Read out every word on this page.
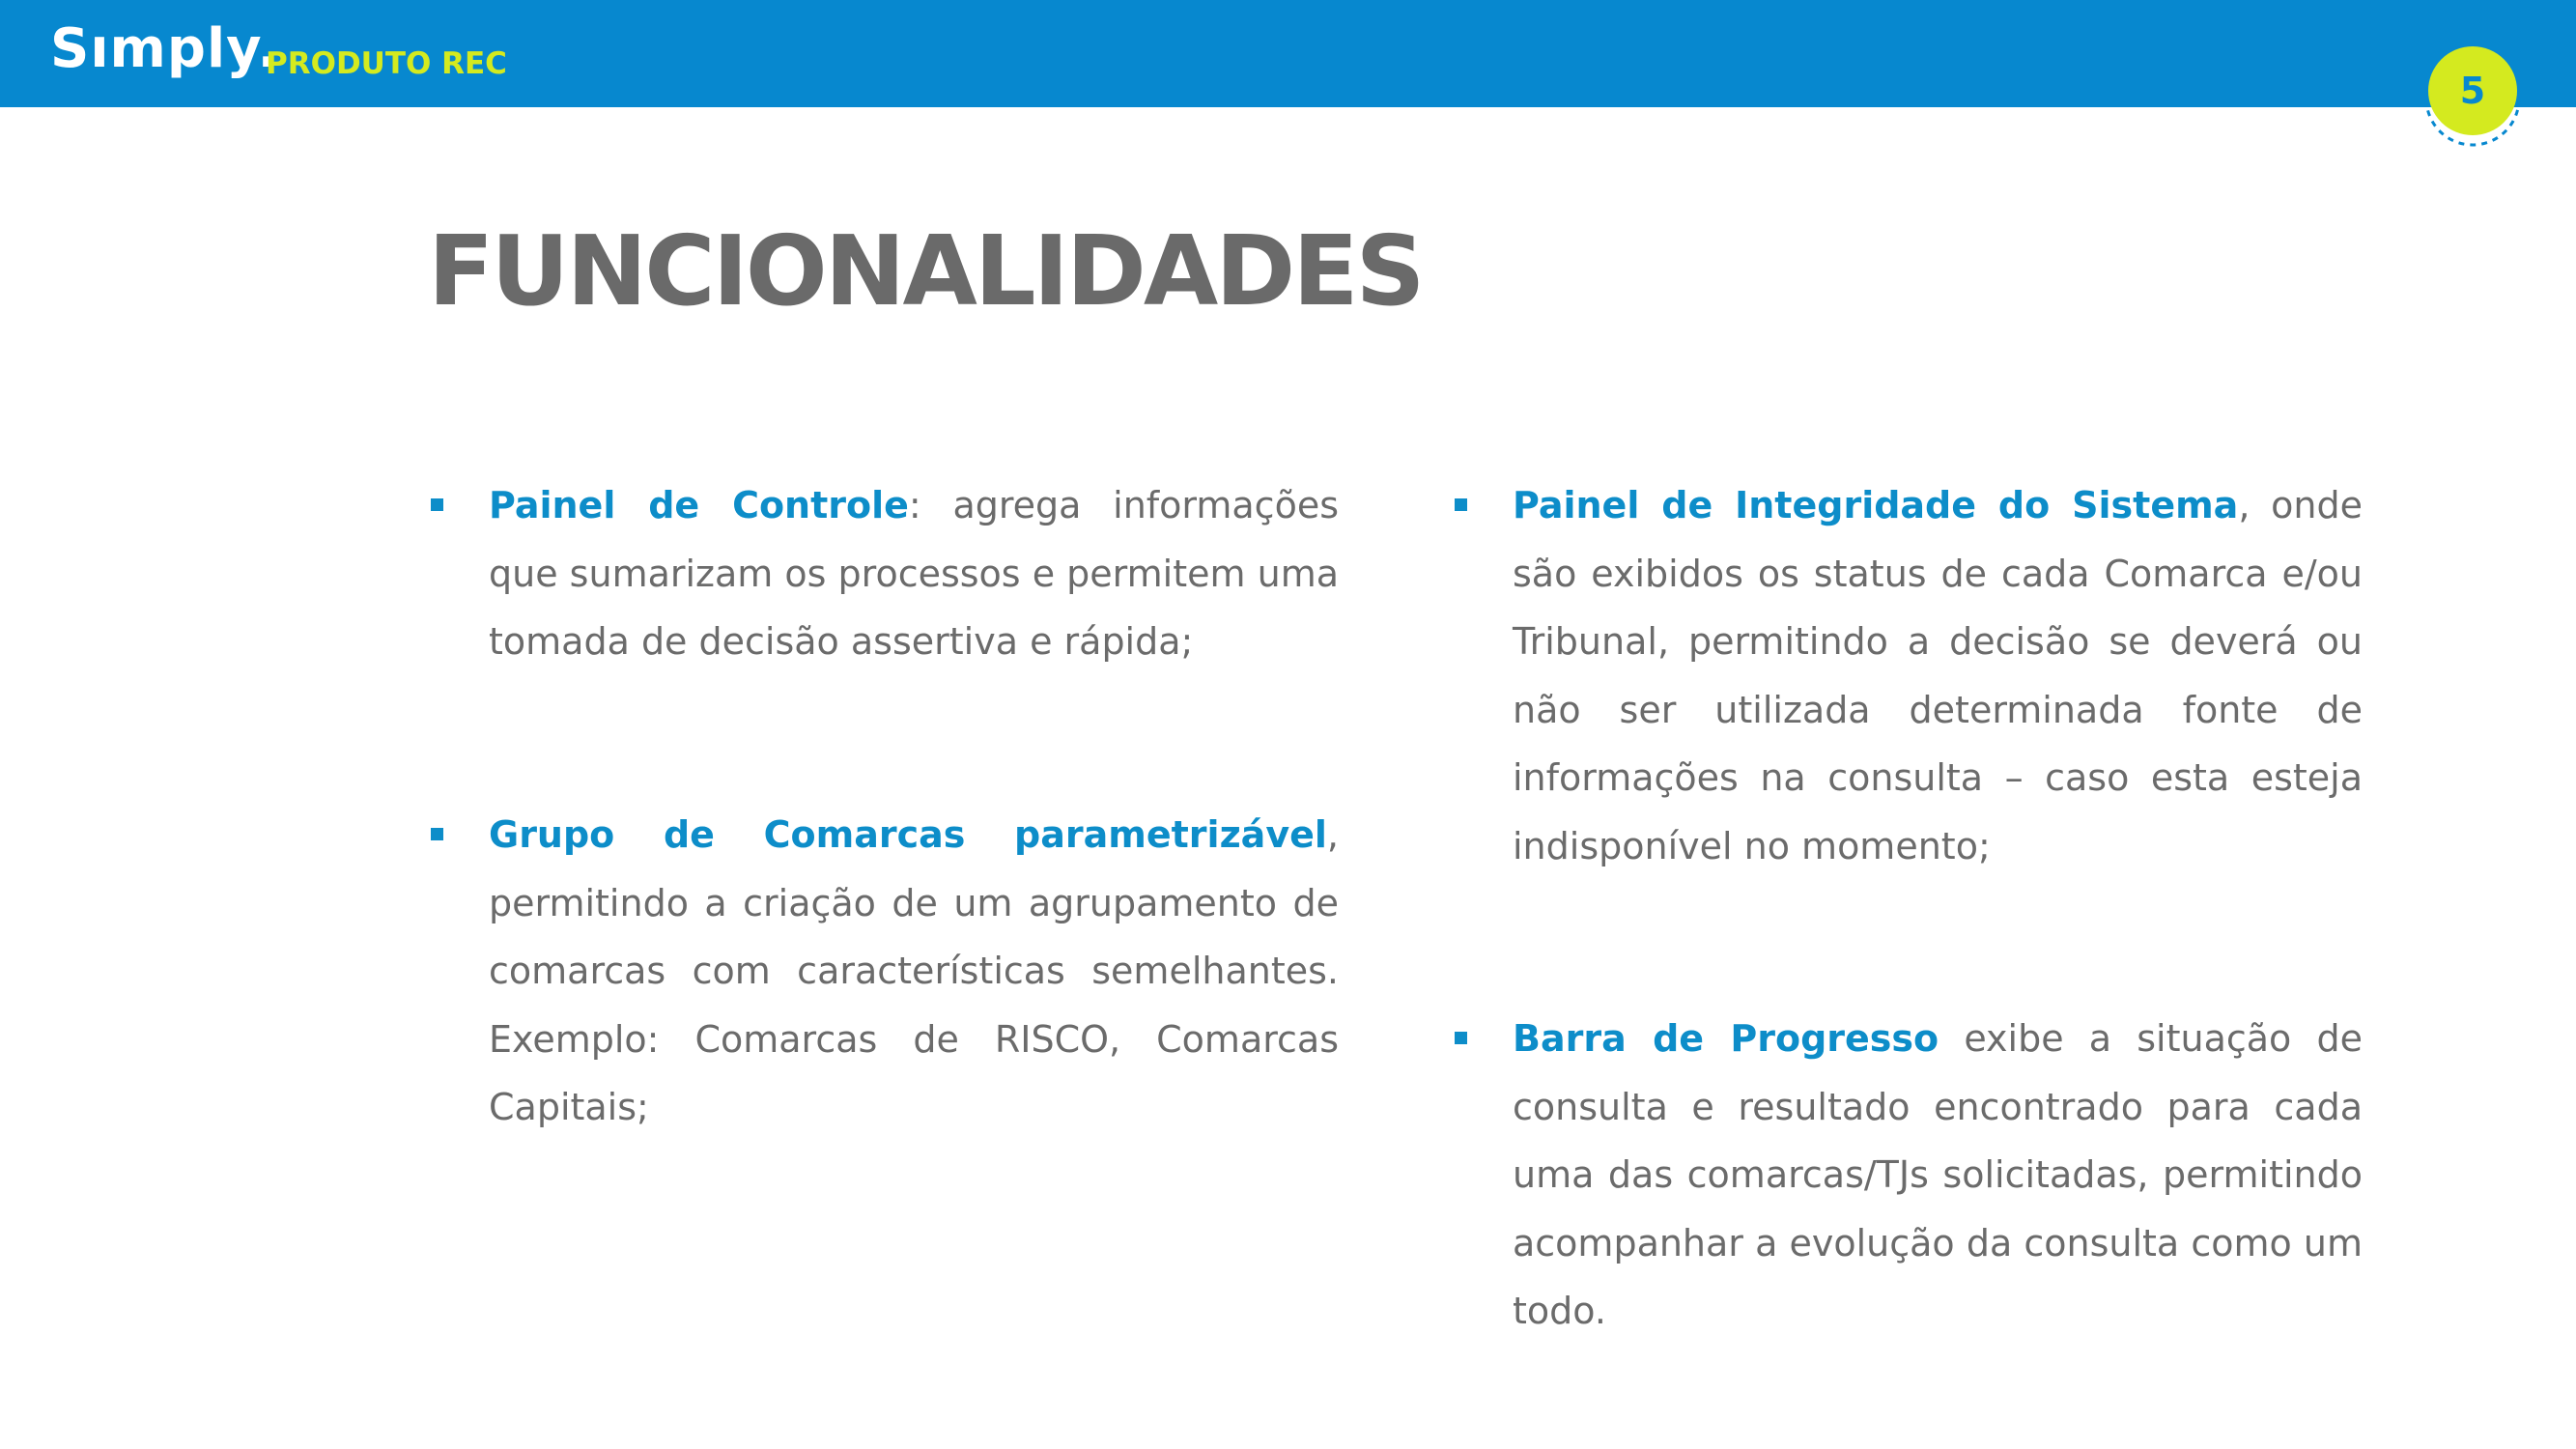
Sımply.
PRODUTO REC
5
FUNCIONALIDADES
Painel de Controle: agrega informações que sumarizam os processos e permitem uma tomada de decisão assertiva e rápida;
Grupo de Comarcas parametrizável, permitindo a criação de um agrupamento de comarcas com características semelhantes. Exemplo: Comarcas de RISCO, Comarcas Capitais;
Painel de Integridade do Sistema, onde são exibidos os status de cada Comarca e/ou Tribunal, permitindo a decisão se deverá ou não ser utilizada determinada fonte de informações na consulta – caso esta esteja indisponível no momento;
Barra de Progresso exibe a situação de consulta e resultado encontrado para cada uma das comarcas/TJs solicitadas, permitindo acompanhar a evolução da consulta como um todo.
